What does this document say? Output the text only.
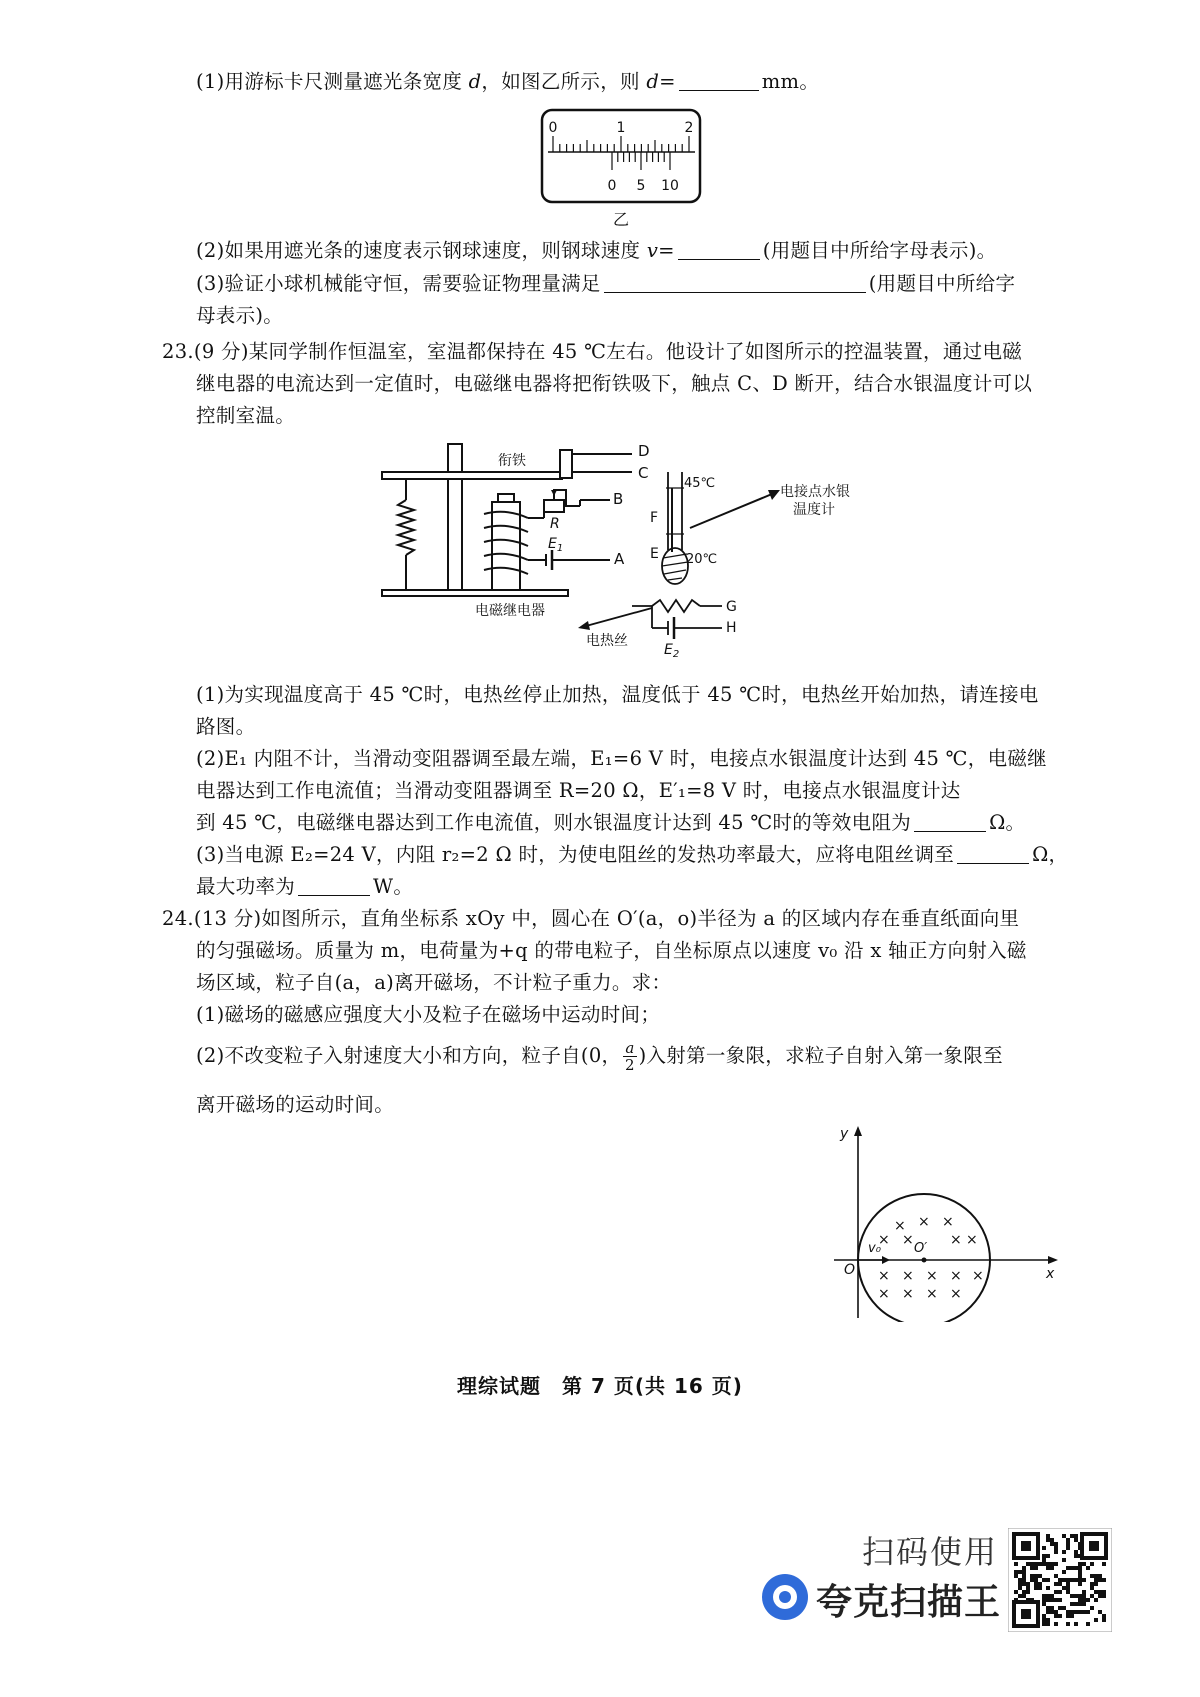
(1)用游标卡尺测量遮光条宽度 d，如图乙所示，则 d=	mm。
0	1	2
0 5 10
乙
(2)如果用遮光条的速度表示钢球速度，则钢球速度 v=	(用题目中所给字母表示)。
(3)验证小球机械能守恒，需要验证物理量满足	(用题目中所给字
母表示)。
23.(9 分)某同学制作恒温室，室温都保持在 45 ℃左右。他设计了如图所示的控温装置，通过电磁
继电器的电流达到一定值时，电磁继电器将把衔铁吸下，触点 C、D 断开，结合水银温度计可以
控制室温。
衔铁
D
C
B
R
$E_1$
A
电磁继电器
F
E
45℃
20℃
电接点水银
温度计
G
H
$E_2$
电热丝
(1)为实现温度高于 45 ℃时，电热丝停止加热，温度低于 45 ℃时，电热丝开始加热，请连接电
路图。
(2)E₁ 内阻不计，当滑动变阻器调至最左端，E₁=6 V 时，电接点水银温度计达到 45 ℃，电磁继
电器达到工作电流值；当滑动变阻器调至 R=20 Ω，E′₁=8 V 时，电接点水银温度计达
到 45 ℃，电磁继电器达到工作电流值，则水银温度计达到 45 ℃时的等效电阻为	Ω。
(3)当电源 E₂=24 V，内阻 r₂=2 Ω 时，为使电阻丝的发热功率最大，应将电阻丝调至	Ω，
最大功率为	W。
24.(13 分)如图所示，直角坐标系 xOy 中，圆心在 O′(a，o)半径为 a 的区域内存在垂直纸面向里
的匀强磁场。质量为 m，电荷量为+q 的带电粒子，自坐标原点以速度 v₀ 沿 x 轴正方向射入磁
场区域，粒子自(a，a)离开磁场，不计粒子重力。求：
(1)磁场的磁感应强度大小及粒子在磁场中运动时间；
(2)不改变粒子入射速度大小和方向，粒子自(0， $\frac{a}{2}$ )入射第一象限，求粒子自射入第一象限至
离开磁场的运动时间。
y
x
O
O′
v₀
× × ×
× ×	× ×
× × × × ×
× × × ×
理综试题　第 7 页(共 16 页)
扫码使用
夸克扫描王
